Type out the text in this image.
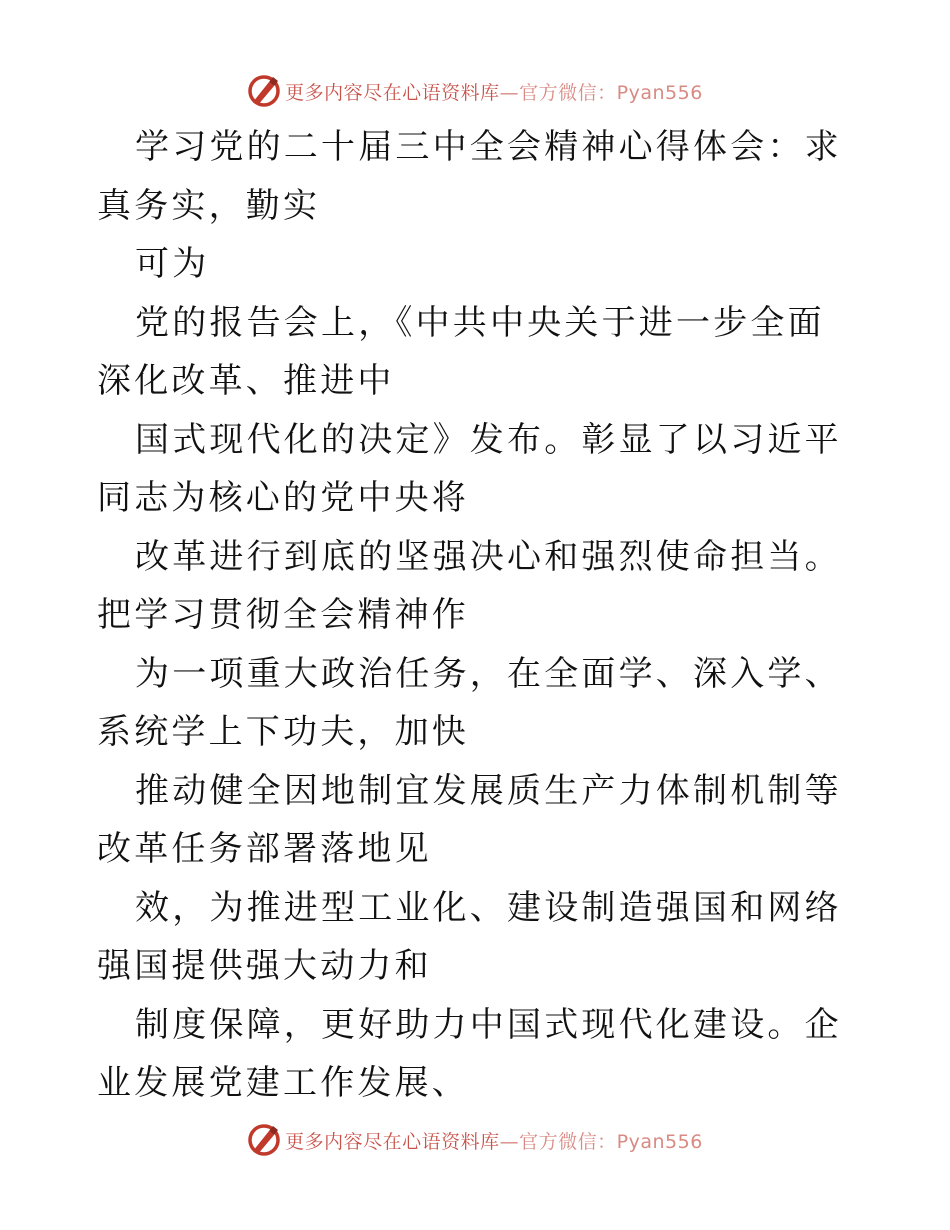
更多内容尽在心语资料库—官方微信：Pyan556

学习党的二十届三中全会精神心得体会：求真务实，勤实

可为

党的报告会上，《中共中央关于进一步全面深化改革、推进中

国式现代化的决定》发布。彰显了以习近平同志为核心的党中央将

改革进行到底的坚强决心和强烈使命担当。把学习贯彻全会精神作

为一项重大政治任务，在全面学、深入学、系统学上下功夫，加快

推动健全因地制宜发展质生产力体制机制等改革任务部署落地见

效，为推进型工业化、建设制造强国和网络强国提供强大动力和

制度保障，更好助力中国式现代化建设。企业发展党建工作发展、

更多内容尽在心语资料库—官方微信：Pyan556
